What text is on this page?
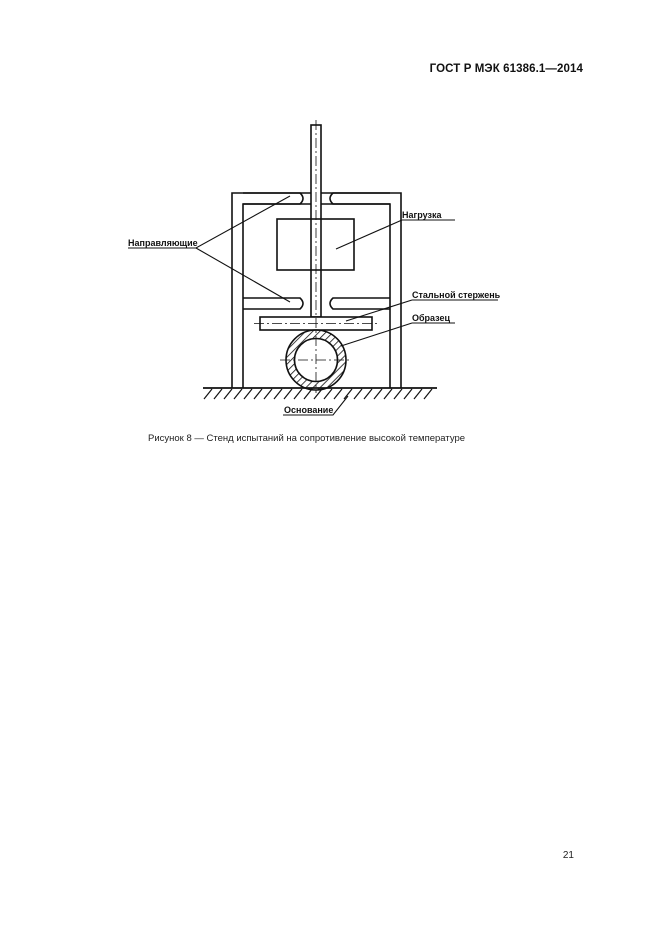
ГОСТ Р МЭК 61386.1—2014
Направляющие
Нагрузка
Стальной стержень
Образец
Основание
Рисунок 8 — Стенд испытаний на сопротивление высокой температуре
21
